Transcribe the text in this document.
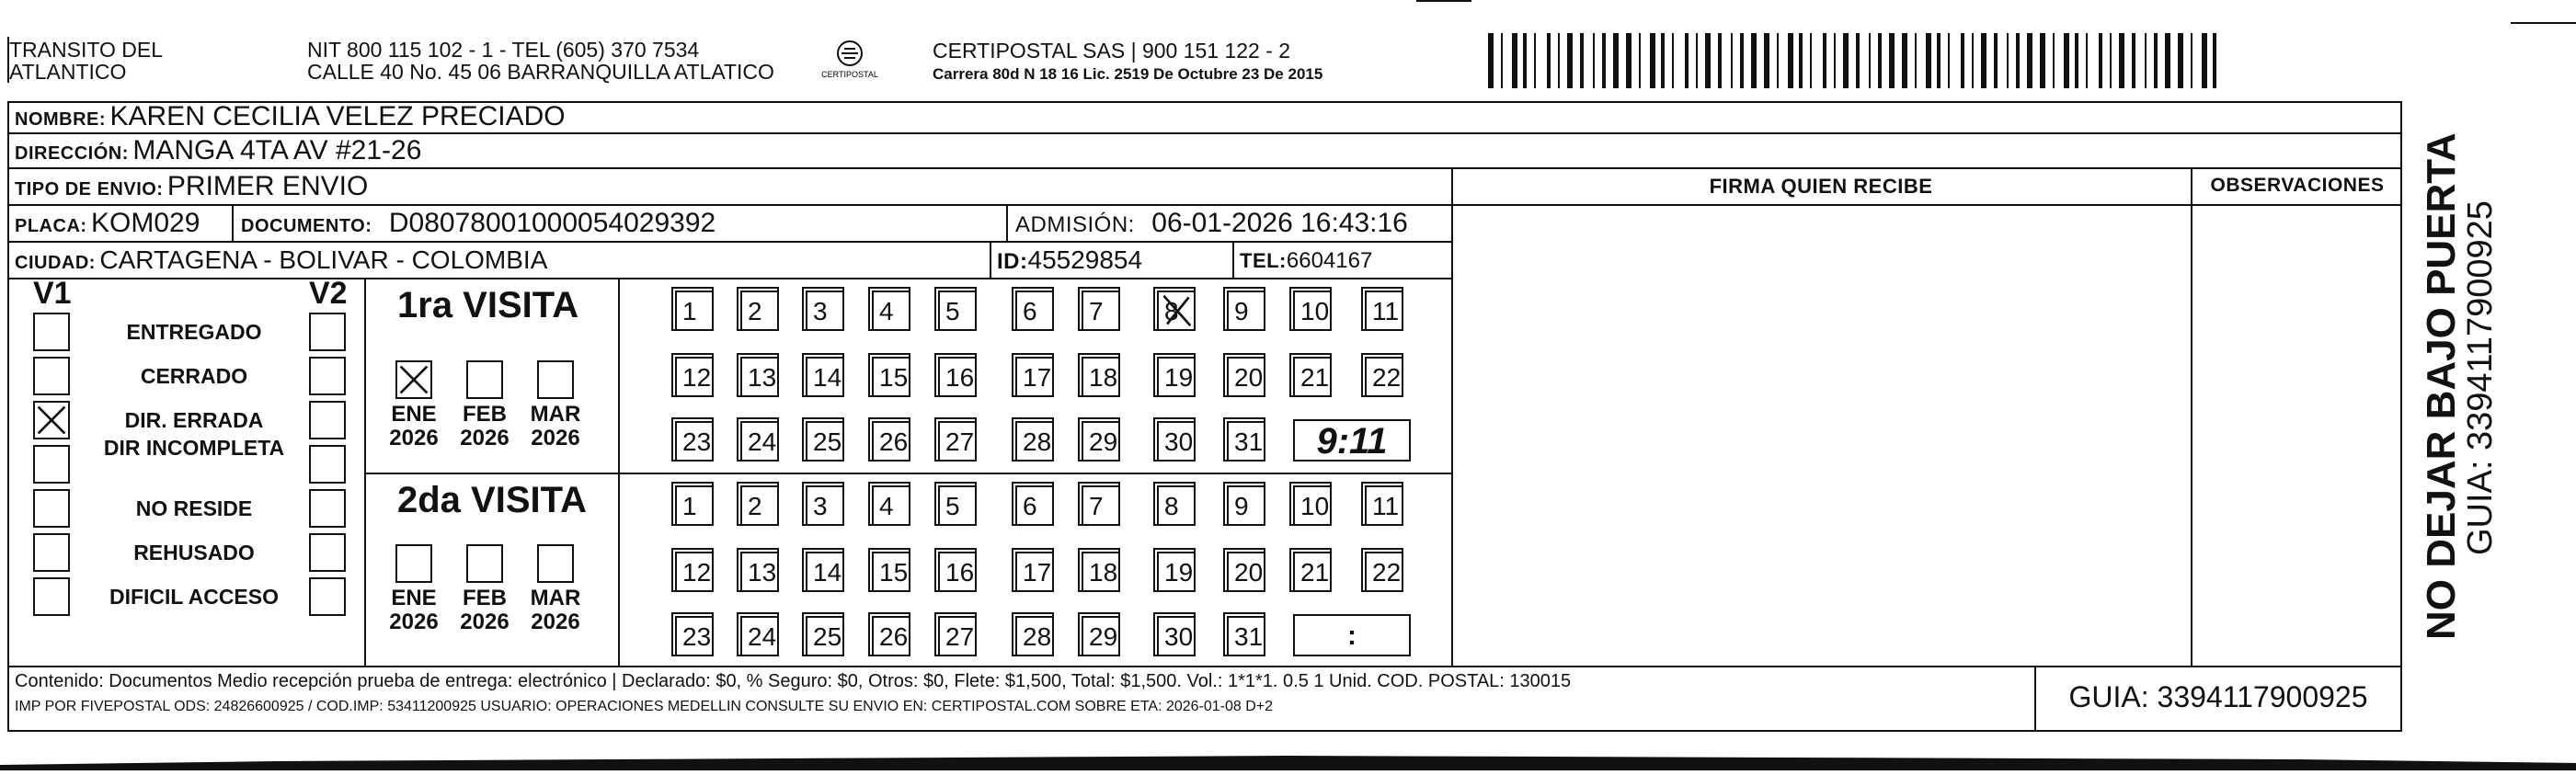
TRANSITO DEL
ATLANTICO
NIT 800 115 102 - 1 - TEL (605) 370 7534
CALLE 40 No. 45 06 BARRANQUILLA ATLATICO	CERTIPOSTAL
CERTIPOSTAL SAS | 900 151 122 - 2
Carrera 80d N 18 16 Lic. 2519 De Octubre 23 De 2015
NOMBRE: KAREN CECILIA VELEZ PRECIADO
DIRECCIÓN: MANGA 4TA AV #21-26
TIPO DE ENVIO: PRIMER ENVIO
PLACA: KOM029 DOCUMENTO: D080780010000540293​92	ADMISIÓN: 06-01-2026 16:43:16
CIUDAD: CARTAGENA - BOLIVAR - COLOMBIA	ID:45529854	TEL:6604167
FIRMA QUIEN RECIBE	OBSERVACIONES
V1	V2
ENTREGADO
CERRADO
DIR. ERRADA
DIR INCOMPLETA
NO RESIDE
REHUSADO
DIFICIL ACCESO
1ra VISITA
2da VISITA
ENE
2026
FEB
2026
MAR
2026
ENE
2026
FEB
2026
MAR
2026
1	2	3	4	5	6	7	8	9	10 11
12 13 14 15 16 17 18 19 20 21 22
23 24 25 26 27 28 29 30 31	9:11
1	2	3	4	5	6	7	8	9	10 11
12 13 14 15 16 17 18 19 20 21 22
23 24 25 26 27 28 29 30 31	:
Contenido: Documentos Medio recepción prueba de entrega: electrónico | Declarado: $0, % Seguro: $0, Otros: $0, Flete: $1,500, Total: $1,500. Vol.: 1*1*1. 0.5 1 Unid. COD. POSTAL: 130015
IMP POR FIVEPOSTAL ODS: 24826600925 / COD.IMP: 53411200925 USUARIO: OPERACIONES MEDELLIN CONSULTE SU ENVIO EN: CERTIPOSTAL.COM SOBRE ETA: 2026-01-08 D+2	GUIA: 3394117900925
NO DEJAR BAJO PUERTA
GUIA: 3394117900925
